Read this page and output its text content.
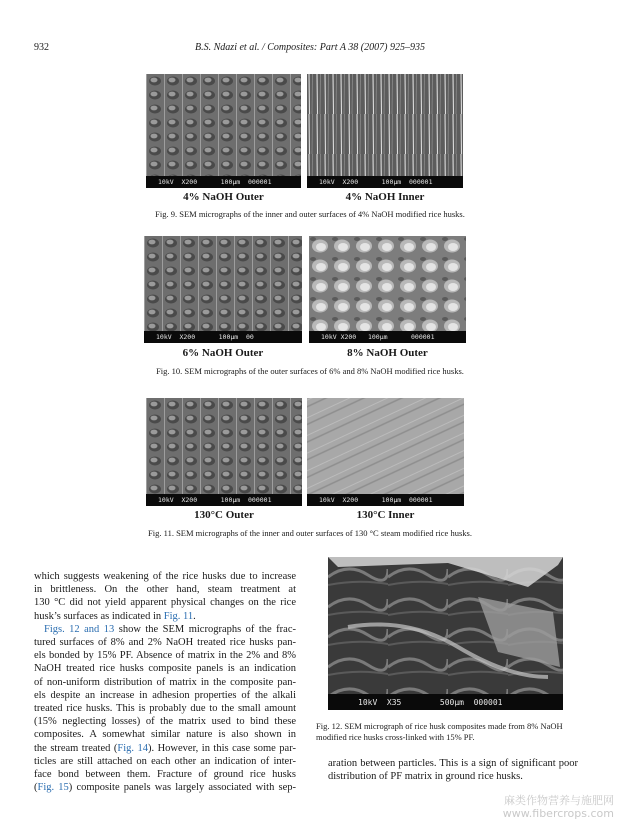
932	B.S. Ndazi et al. / Composites: Part A 38 (2007) 925–935
10kV  X200      100μm  000001	10kV  X200      100μm  000001
4% NaOH Outer	4% NaOH Inner
Fig. 9. SEM micrographs of the inner and outer surfaces of 4% NaOH modified rice husks.
10kV  X200      100μm  00	10kV X200   100μm      000001
6% NaOH Outer	8% NaOH Outer
Fig. 10. SEM micrographs of the outer surfaces of 6% and 8% NaOH modified rice husks.
10kV  X200      100μm  000001	10kV  X200      100μm  000001
130°C Outer	130°C Inner
Fig. 11. SEM micrographs of the inner and outer surfaces of 130 °C steam modified rice husks.
10kV  X35        500μm  000001
Fig. 12. SEM micrograph of rice husk composites made from 8% NaOH
modified rice husks cross-linked with 15% PF.

which suggests weakening of the rice husks due to increase
in brittleness. On the other hand, steam treatment at
130 °C did not yield apparent physical changes on the rice
husk’s surfaces as indicated in Fig. 11.

Figs. 12 and 13 show the SEM micrographs of the frac-
tured surfaces of 8% and 2% NaOH treated rice husks pan-
els bonded by 15% PF. Absence of matrix in the 2% and 8%
NaOH treated rice husks composite panels is an indication
of non-uniform distribution of matrix in the composite pan-
els despite an increase in adhesion properties of the alkali
treated rice husks. This is probably due to the small amount
(15% neglecting losses) of the matrix used to bind these
composites. A somewhat similar nature is also shown in
the stream treated (Fig. 14). However, in this case some par-
ticles are still attached on each other an indication of inter-
face bond between them. Fracture of ground rice husks
(Fig. 15) composite panels was largely associated with sep-

aration between particles. This is a sign of significant poor
distribution of PF matrix in ground rice husks.
麻类作物营养与施肥网
www.fibercrops.com
